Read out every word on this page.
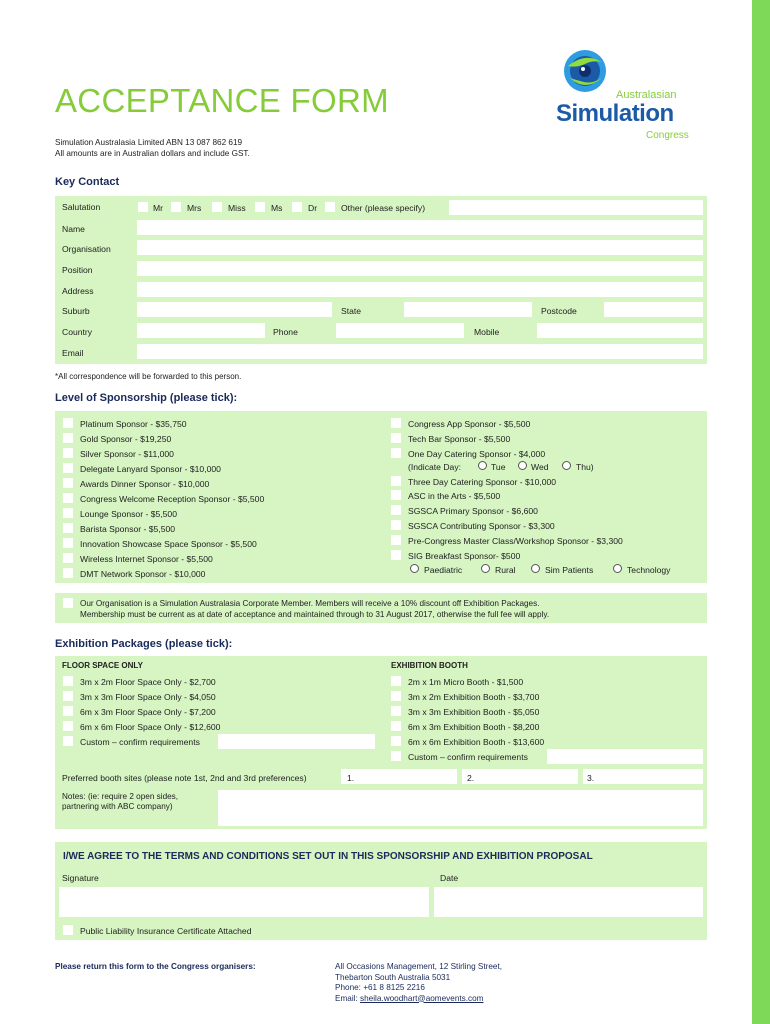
ACCEPTANCE FORM
Simulation Australasia Limited ABN 13 087 862 619
All amounts are in Australian dollars and include GST.
Australasian
Simulation
Congress
Key Contact
Salutation	Mr	Mrs	Miss	Ms	Dr	Other (please specify)
Name
Organisation
Position
Address
Suburb	State	Postcode
Country	Phone	Mobile
Email
*All correspondence will be forwarded to this person.
Level of Sponsorship (please tick):
Platinum Sponsor - $35,750
Gold Sponsor - $19,250
Silver Sponsor - $11,000
Delegate Lanyard Sponsor - $10,000
Awards Dinner Sponsor - $10,000
Congress Welcome Reception Sponsor - $5,500
Lounge Sponsor - $5,500
Barista Sponsor - $5,500
Innovation Showcase Space Sponsor - $5,500
Wireless Internet Sponsor - $5,500
DMT Network Sponsor - $10,000
Congress App Sponsor - $5,500
Tech Bar Sponsor - $5,500
One Day Catering Sponsor - $4,000
(Indicate Day:	Tue	Wed	Thu)
Three Day Catering Sponsor - $10,000
ASC in the Arts - $5,500
SGSCA Primary Sponsor - $6,600
SGSCA Contributing Sponsor - $3,300
Pre-Congress Master Class/Workshop Sponsor - $3,300
SIG Breakfast Sponsor- $500
Paediatric	Rural	Sim Patients	Technology
Our Organisation is a Simulation Australasia Corporate Member. Members will receive a 10% discount off Exhibition Packages.
Membership must be current as at date of acceptance and maintained through to 31 August 2017, otherwise the full fee will apply.
Exhibition Packages (please tick):
FLOOR SPACE ONLY	EXHIBITION BOOTH
3m x 2m Floor Space Only - $2,700
3m x 3m Floor Space Only - $4,050
6m x 3m Floor Space Only - $7,200
6m x 6m Floor Space Only - $12,600
Custom – confirm requirements
2m x 1m Micro Booth - $1,500
3m x 2m Exhibition Booth - $3,700
3m x 3m Exhibition Booth - $5,050
6m x 3m Exhibition Booth - $8,200
6m x 6m Exhibition Booth - $13,600
Custom – confirm requirements
Preferred booth sites (please note 1st, 2nd and 3rd preferences)	1.	2.	3.
Notes: (ie: require 2 open sides,
partnering with ABC company)
I/WE AGREE TO THE TERMS AND CONDITIONS SET OUT IN THIS SPONSORSHIP AND EXHIBITION PROPOSAL
Signature	Date
Public Liability Insurance Certificate Attached
Please return this form to the Congress organisers:	All Occasions Management, 12 Stirling Street,
Thebarton South Australia 5031
Phone: +61 8 8125 2216
Email: sheila.woodhart@aomevents.com
